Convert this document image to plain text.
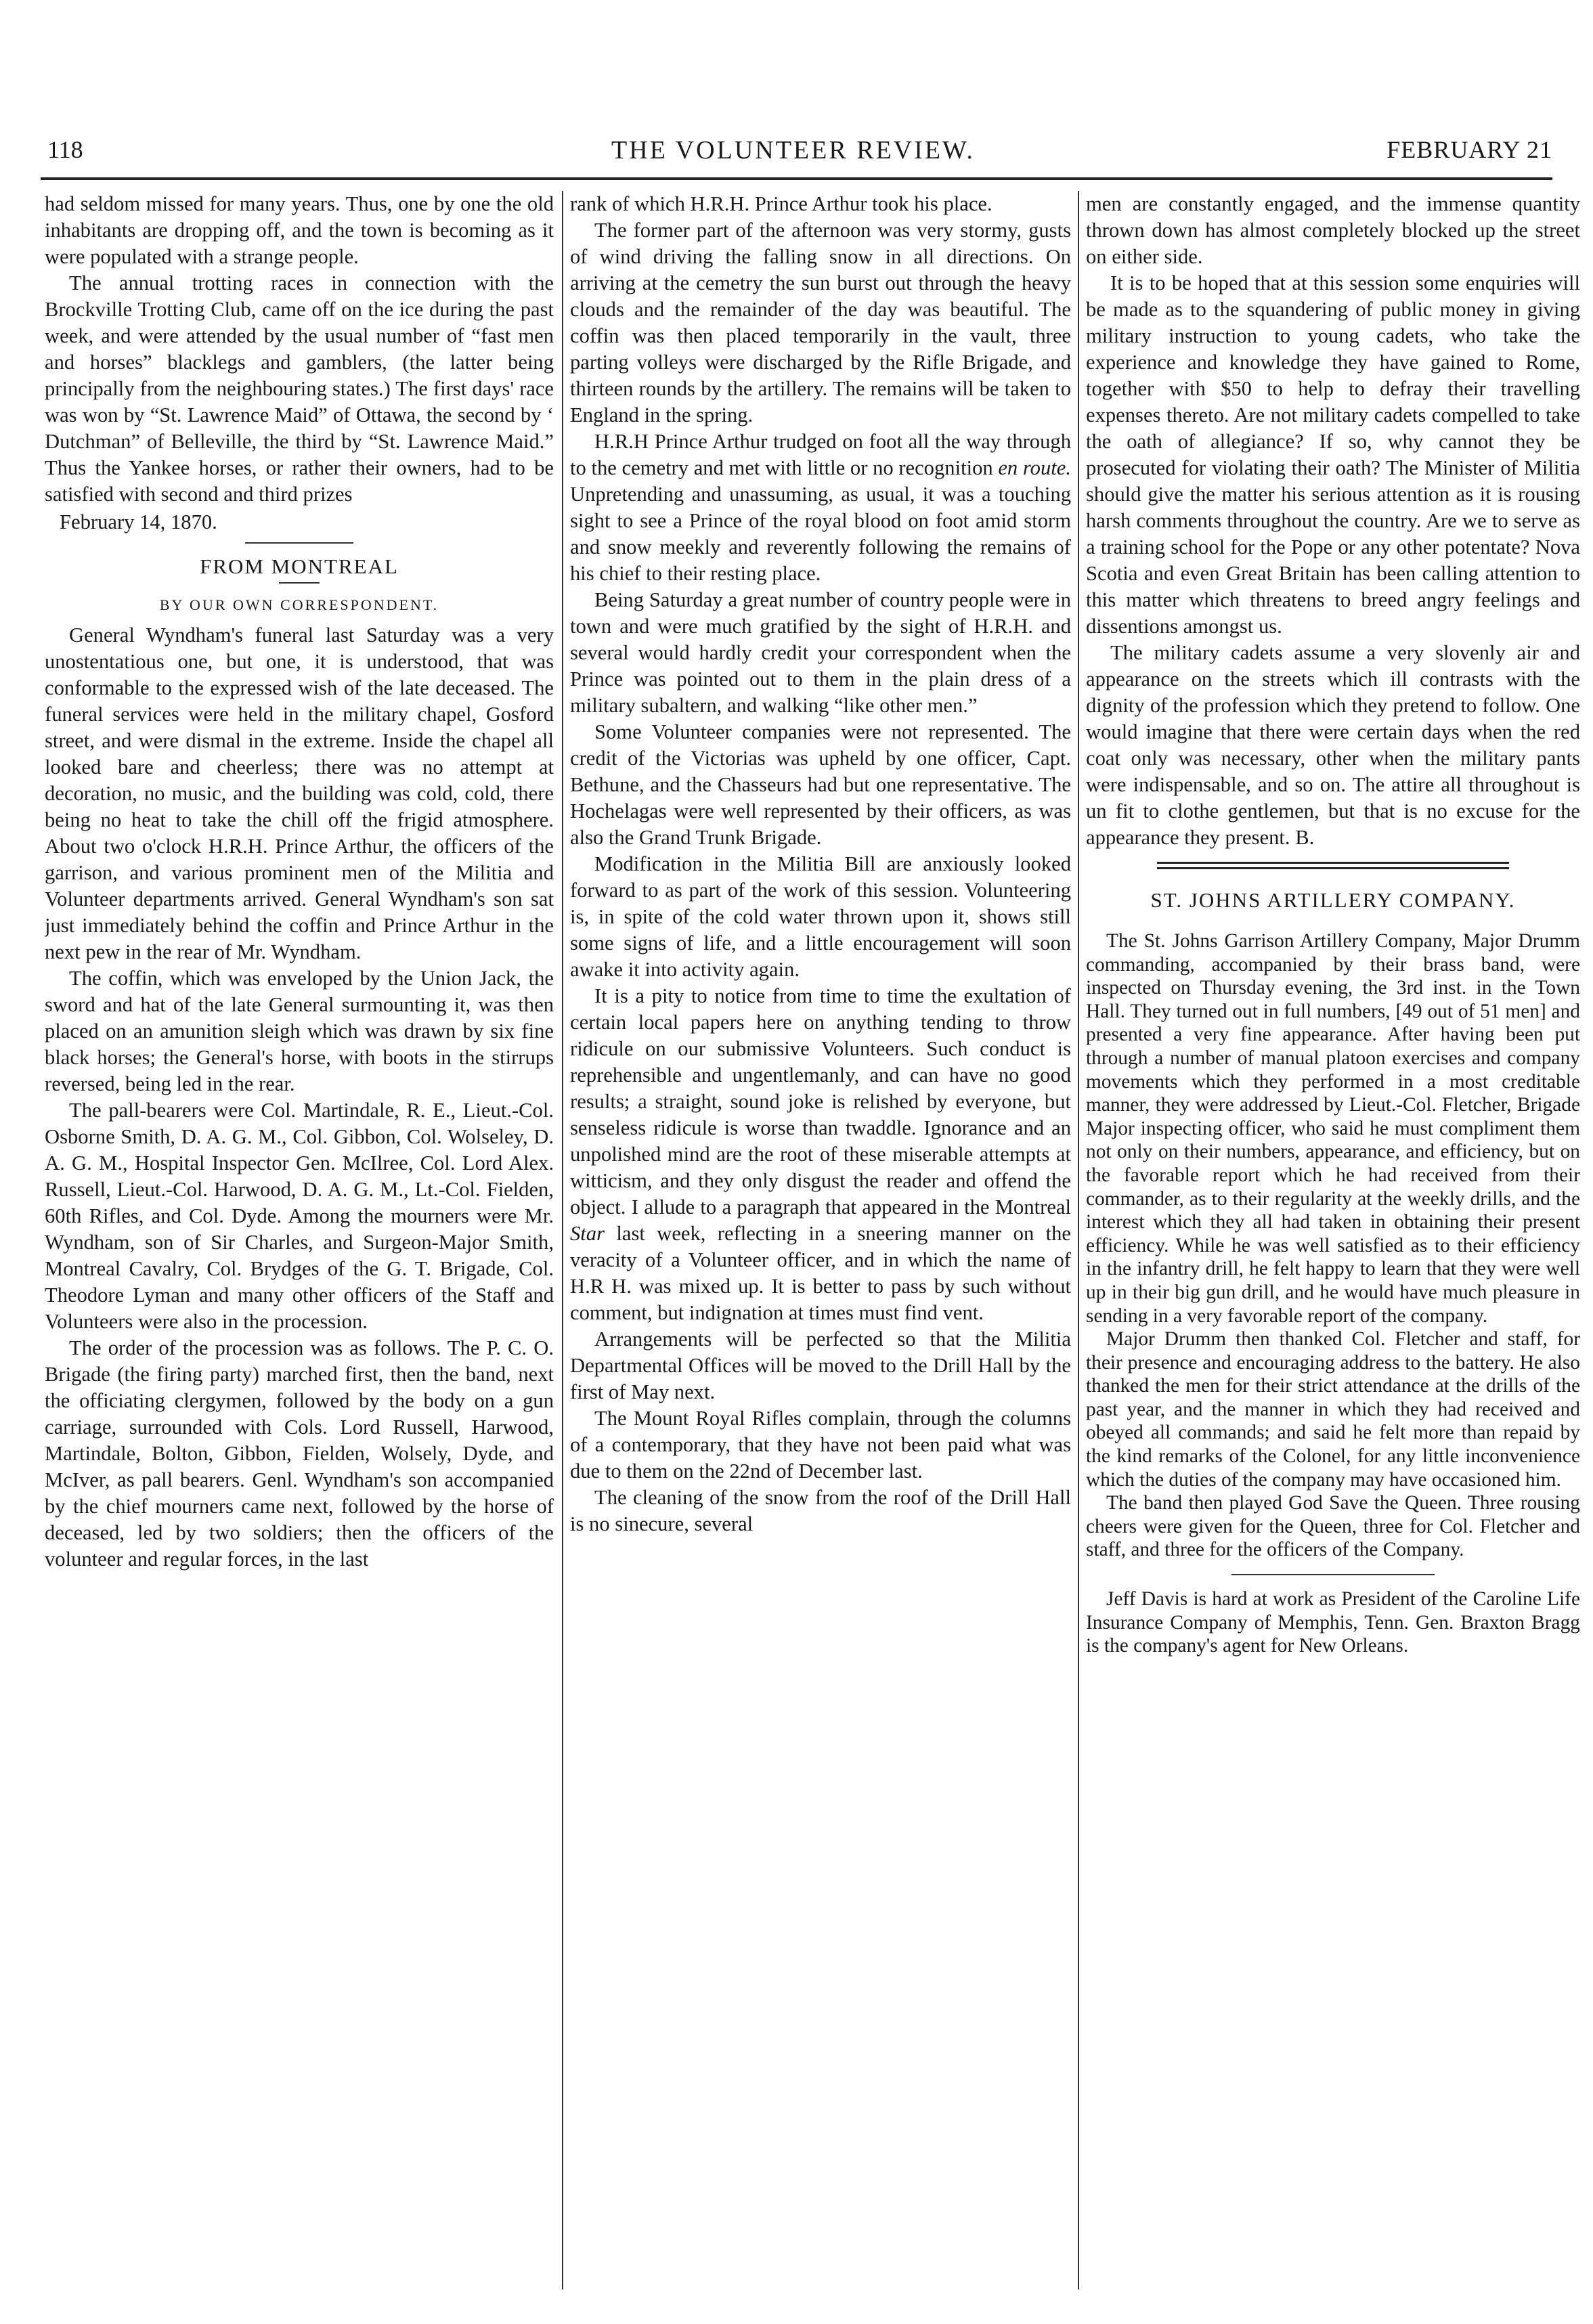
118	THE VOLUNTEER REVIEW.	FEBRUARY 21

had seldom missed for many years. Thus, one by one the old inhabitants are dropping off, and the town is becoming as it were populated with a strange people.

The annual trotting races in connection with the Brockville Trotting Club, came off on the ice during the past week, and were attended by the usual number of “fast men and horses” blacklegs and gamblers, (the latter being principally from the neighbouring states.) The first days' race was won by “St. Lawrence Maid” of Ottawa, the second by ‘ Dutchman” of Belleville, the third by “St. Lawrence Maid.” Thus the Yankee horses, or rather their owners, had to be satisfied with second and third prizes

February 14, 1870.

FROM MONTREAL

BY OUR OWN CORRESPONDENT.

General Wyndham's funeral last Saturday was a very unostentatious one, but one, it is understood, that was conformable to the expressed wish of the late deceased. The funeral services were held in the military chapel, Gosford street, and were dismal in the extreme. Inside the chapel all looked bare and cheerless; there was no attempt at decoration, no music, and the building was cold, cold, there being no heat to take the chill off the frigid atmosphere. About two o'clock H.R.H. Prince Arthur, the officers of the garrison, and various prominent men of the Militia and Volunteer departments arrived. General Wyndham's son sat just immediately behind the coffin and Prince Arthur in the next pew in the rear of Mr. Wyndham.

The coffin, which was enveloped by the Union Jack, the sword and hat of the late General surmounting it, was then placed on an amunition sleigh which was drawn by six fine black horses; the General's horse, with boots in the stirrups reversed, being led in the rear.

The pall-bearers were Col. Martindale, R. E., Lieut.-Col. Osborne Smith, D. A. G. M., Col. Gibbon, Col. Wolseley, D. A. G. M., Hospital Inspector Gen. McIlree, Col. Lord Alex. Russell, Lieut.-Col. Harwood, D. A. G. M., Lt.-Col. Fielden, 60th Rifles, and Col. Dyde. Among the mourners were Mr. Wyndham, son of Sir Charles, and Surgeon-Major Smith, Montreal Cavalry, Col. Brydges of the G. T. Brigade, Col. Theodore Lyman and many other officers of the Staff and Volunteers were also in the procession.

The order of the procession was as follows. The P. C. O. Brigade (the firing party) marched first, then the band, next the officiating clergymen, followed by the body on a gun carriage, surrounded with Cols. Lord Russell, Harwood, Martindale, Bolton, Gibbon, Fielden, Wolsely, Dyde, and McIver, as pall bearers. Genl. Wyndham's son accompanied by the chief mourners came next, followed by the horse of deceased, led by two soldiers; then the officers of the volunteer and regular forces, in the last

rank of which H.R.H. Prince Arthur took his place.

The former part of the afternoon was very stormy, gusts of wind driving the falling snow in all directions. On arriving at the cemetry the sun burst out through the heavy clouds and the remainder of the day was beautiful. The coffin was then placed temporarily in the vault, three parting volleys were discharged by the Rifle Brigade, and thirteen rounds by the artillery. The remains will be taken to England in the spring.

H.R.H Prince Arthur trudged on foot all the way through to the cemetry and met with little or no recognition en route. Unpretending and unassuming, as usual, it was a touching sight to see a Prince of the royal blood on foot amid storm and snow meekly and reverently following the remains of his chief to their resting place.

Being Saturday a great number of country people were in town and were much gratified by the sight of H.R.H. and several would hardly credit your correspondent when the Prince was pointed out to them in the plain dress of a military subaltern, and walking “like other men.”

Some Volunteer companies were not represented. The credit of the Victorias was upheld by one officer, Capt. Bethune, and the Chasseurs had but one representative. The Hochelagas were well represented by their officers, as was also the Grand Trunk Brigade.

Modification in the Militia Bill are anxiously looked forward to as part of the work of this session. Volunteering is, in spite of the cold water thrown upon it, shows still some signs of life, and a little encouragement will soon awake it into activity again.

It is a pity to notice from time to time the exultation of certain local papers here on anything tending to throw ridicule on our submissive Volunteers. Such conduct is reprehensible and ungentlemanly, and can have no good results; a straight, sound joke is relished by everyone, but senseless ridicule is worse than twaddle. Ignorance and an unpolished mind are the root of these miserable attempts at witticism, and they only disgust the reader and offend the object. I allude to a paragraph that appeared in the Montreal Star last week, reflecting in a sneering manner on the veracity of a Volunteer officer, and in which the name of H.R H. was mixed up. It is better to pass by such without comment, but indignation at times must find vent.

Arrangements will be perfected so that the Militia Departmental Offices will be moved to the Drill Hall by the first of May next.

The Mount Royal Rifles complain, through the columns of a contemporary, that they have not been paid what was due to them on the 22nd of December last.

The cleaning of the snow from the roof of the Drill Hall is no sinecure, several

men are constantly engaged, and the immense quantity thrown down has almost completely blocked up the street on either side.

It is to be hoped that at this session some enquiries will be made as to the squandering of public money in giving military instruction to young cadets, who take the experience and knowledge they have gained to Rome, together with $50 to help to defray their travelling expenses thereto. Are not military cadets compelled to take the oath of allegiance? If so, why cannot they be prosecuted for violating their oath? The Minister of Militia should give the matter his serious attention as it is rousing harsh comments throughout the country. Are we to serve as a training school for the Pope or any other potentate? Nova Scotia and even Great Britain has been calling attention to this matter which threatens to breed angry feelings and dissentions amongst us.

The military cadets assume a very slovenly air and appearance on the streets which ill contrasts with the dignity of the profession which they pretend to follow. One would imagine that there were certain days when the red coat only was necessary, other when the military pants were indispensable, and so on. The attire all throughout is un fit to clothe gentlemen, but that is no excuse for the appearance they present. B.

ST. JOHNS ARTILLERY COMPANY.

The St. Johns Garrison Artillery Company, Major Drumm commanding, accompanied by their brass band, were inspected on Thursday evening, the 3rd inst. in the Town Hall. They turned out in full numbers, [49 out of 51 men] and presented a very fine appearance. After having been put through a number of manual platoon exercises and company movements which they performed in a most creditable manner, they were addressed by Lieut.-Col. Fletcher, Brigade Major inspecting officer, who said he must compliment them not only on their numbers, appearance, and efficiency, but on the favorable report which he had received from their commander, as to their regularity at the weekly drills, and the interest which they all had taken in obtaining their present efficiency. While he was well satisfied as to their efficiency in the infantry drill, he felt happy to learn that they were well up in their big gun drill, and he would have much pleasure in sending in a very favorable report of the company.

Major Drumm then thanked Col. Fletcher and staff, for their presence and encouraging address to the battery. He also thanked the men for their strict attendance at the drills of the past year, and the manner in which they had received and obeyed all commands; and said he felt more than repaid by the kind remarks of the Colonel, for any little inconvenience which the duties of the company may have occasioned him.

The band then played God Save the Queen. Three rousing cheers were given for the Queen, three for Col. Fletcher and staff, and three for the officers of the Company.

Jeff Davis is hard at work as President of the Caroline Life Insurance Company of Memphis, Tenn. Gen. Braxton Bragg is the company's agent for New Orleans.
